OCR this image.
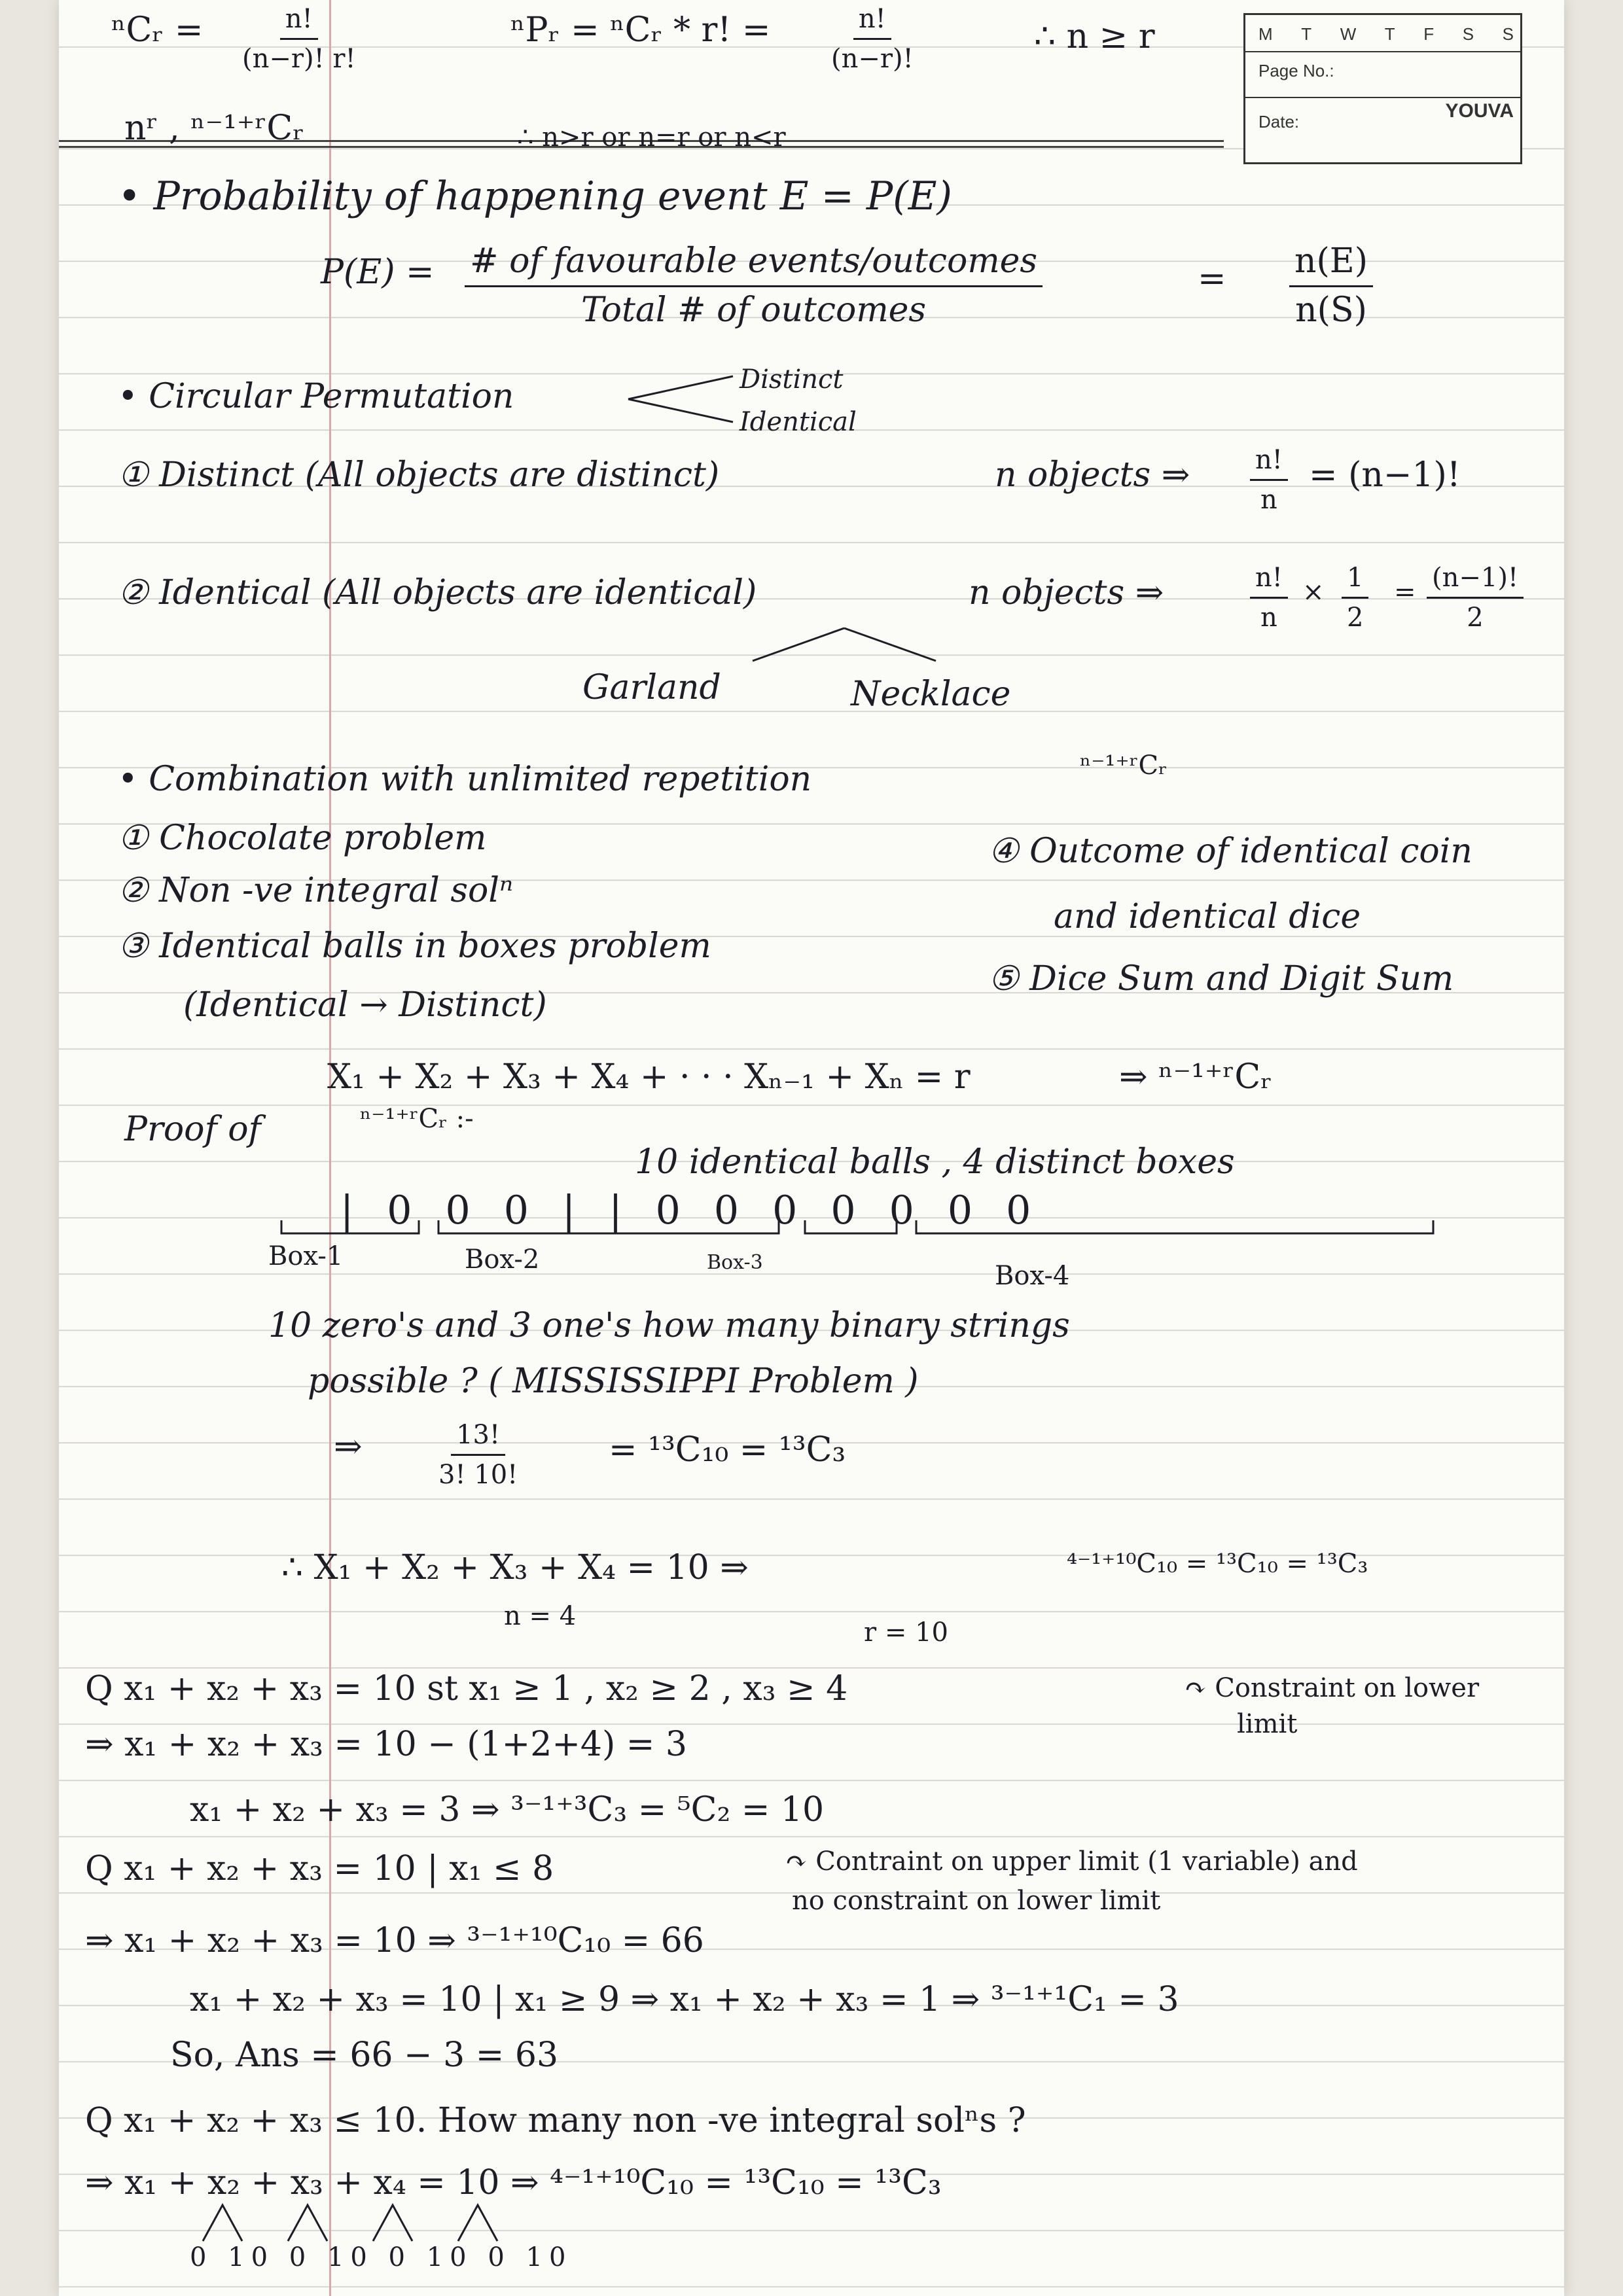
M T W T F S S
Page No.:
Date:	YOUVA
ⁿCᵣ = $\frac{n!}{(n-r)! r!}$	ⁿPᵣ = ⁿCᵣ * r! = $\frac{n!}{(n-r)!}$	∴ n ≥ r
nʳ , ⁿ⁻¹⁺ʳCᵣ	∴ n>r or n=r or n<r
• Probability of happening event E = P(E)
P(E) = # of favourable events/outcomes
Total # of outcomes
= $\frac{n(E)}{n(S)}$
• Circular Permutation	Distinct
Identical
① Distinct (All objects are distinct)	n objects ⇒ $\frac{n!}{n} = (n-1)$!
② Identical (All objects are identical)	n objects ⇒	$\frac{n!}{n} \times \frac{1}{2} = \frac{(n-1)!}{2}$
Garland	Necklace
• Combination with unlimited repetition	ⁿ⁻¹⁺ʳCᵣ
① Chocolate problem
② Non -ve integral solⁿ
③ Identical balls in boxes problem
(Identical → Distinct)
④ Outcome of identical coin
and identical dice
⑤ Dice Sum and Digit Sum
X₁ + X₂ + X₃ + X₄ + · · · Xₙ₋₁ + Xₙ = r	⇒ ⁿ⁻¹⁺ʳCᵣ
Proof of	ⁿ⁻¹⁺ʳCᵣ :-
10 identical balls , 4 distinct boxes
| 0 0 0 | | 0 0 0 0 0 0 0
Box-1	Box-2	Box-3	Box-4
10 zero's and 3 one's how many binary strings
possible ? ( MISSISSIPPI Problem )
⇒	$\frac{13!}{3! 10!}$	= ¹³C₁₀ = ¹³C₃
∴ X₁ + X₂ + X₃ + X₄ = 10 ⇒	⁴⁻¹⁺¹⁰C₁₀ = ¹³C₁₀ = ¹³C₃
n = 4
r = 10
Q x₁ + x₂ + x₃ = 10 st x₁ ≥ 1 , x₂ ≥ 2 , x₃ ≥ 4	↷ Constraint on lower
limit
⇒ x₁ + x₂ + x₃ = 10 − (1+2+4) = 3
x₁ + x₂ + x₃ = 3 ⇒ ³⁻¹⁺³C₃ = ⁵C₂ = 10
Q x₁ + x₂ + x₃ = 10 | x₁ ≤ 8	↷ Contraint on upper limit (1 variable) and
no constraint on lower limit
⇒ x₁ + x₂ + x₃ = 10 ⇒ ³⁻¹⁺¹⁰C₁₀ = 66
x₁ + x₂ + x₃ = 10 | x₁ ≥ 9 ⇒ x₁ + x₂ + x₃ = 1 ⇒ ³⁻¹⁺¹C₁ = 3
So, Ans = 66 − 3 = 63
Q x₁ + x₂ + x₃ ≤ 10. How many non -ve integral solⁿs ?
⇒ x₁ + x₂ + x₃ + x₄ = 10 ⇒ ⁴⁻¹⁺¹⁰C₁₀ = ¹³C₁₀ = ¹³C₃
0 10 0 10 0 10 0 10
